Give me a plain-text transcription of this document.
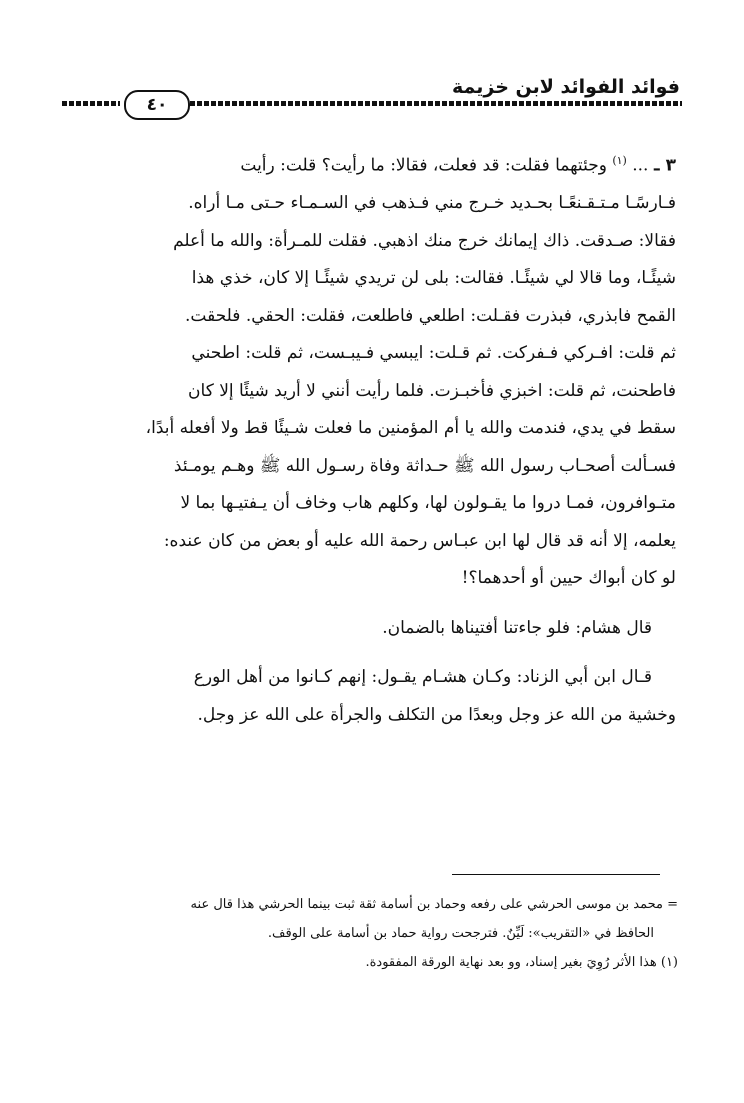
فوائد الفوائد لابن خزيمة
٤٠

٣ ـ ... $^{(١)}$ وجئتهما فقلت: قد فعلت، فقالا: ما رأيت؟ قلت: رأيت
فـارسًـا مـتـقـنعًـا بحـديد خـرج مني فـذهب في السـمـاء حـتى مـا أراه.
فقالا: صـدقت. ذاك إيمانك خرج منك اذهبي. فقلت للمـرأة: والله ما أعلم
شيئًـا، وما قالا لي شيئًـا. فقالت: بلى لن تريدي شيئًـا إلا كان، خذي هذا
القمح فابذري، فبذرت فقـلت: اطلعي فاطلعت، فقلت: الحقي. فلحقت.
ثم قلت: افـركي فـفركت. ثم قـلت: ايبسي فـيبـست، ثم قلت: اطحني
فاطحنت، ثم قلت: اخبزي فأخبـزت. فلما رأيت أنني لا أريد شيئًا إلا كان
سقط في يدي، فندمت والله يا أم المؤمنين ما فعلت شـيئًا قط ولا أفعله أبدًا،
فسـألت أصحـاب رسول الله ﷺ حـداثة وفاة رسـول الله ﷺ وهـم يومـئذ
متـوافرون، فمـا دروا ما يقـولون لها، وكلهم هاب وخاف أن يـفتيـها بما لا
يعلمه، إلا أنه قد قال لها ابن عبـاس رحمة الله عليه أو بعض من كان عنده:
لو كان أبواك حيين أو أحدهما؟!

قال هشام: فلو جاءتنا أفتيناها بالضمان.

قـال ابن أبي الزناد: وكـان هشـام يقـول: إنهم كـانوا من أهل الورع
وخشية من الله عز وجل وبعدًا من التكلف والجرأة على الله عز وجل.

= محمد بن موسى الحرشي على رفعه وحماد بن أسامة ثقة ثبت بينما الحرشي هذا قال عنه
الحافظ في «التقريب»: لَيِّنٌ. فترجحت رواية حماد بن أسامة على الوقف.
(١) هذا الأثر رُوِيَ بغير إسناد، وو بعد نهاية الورقة المفقودة.
